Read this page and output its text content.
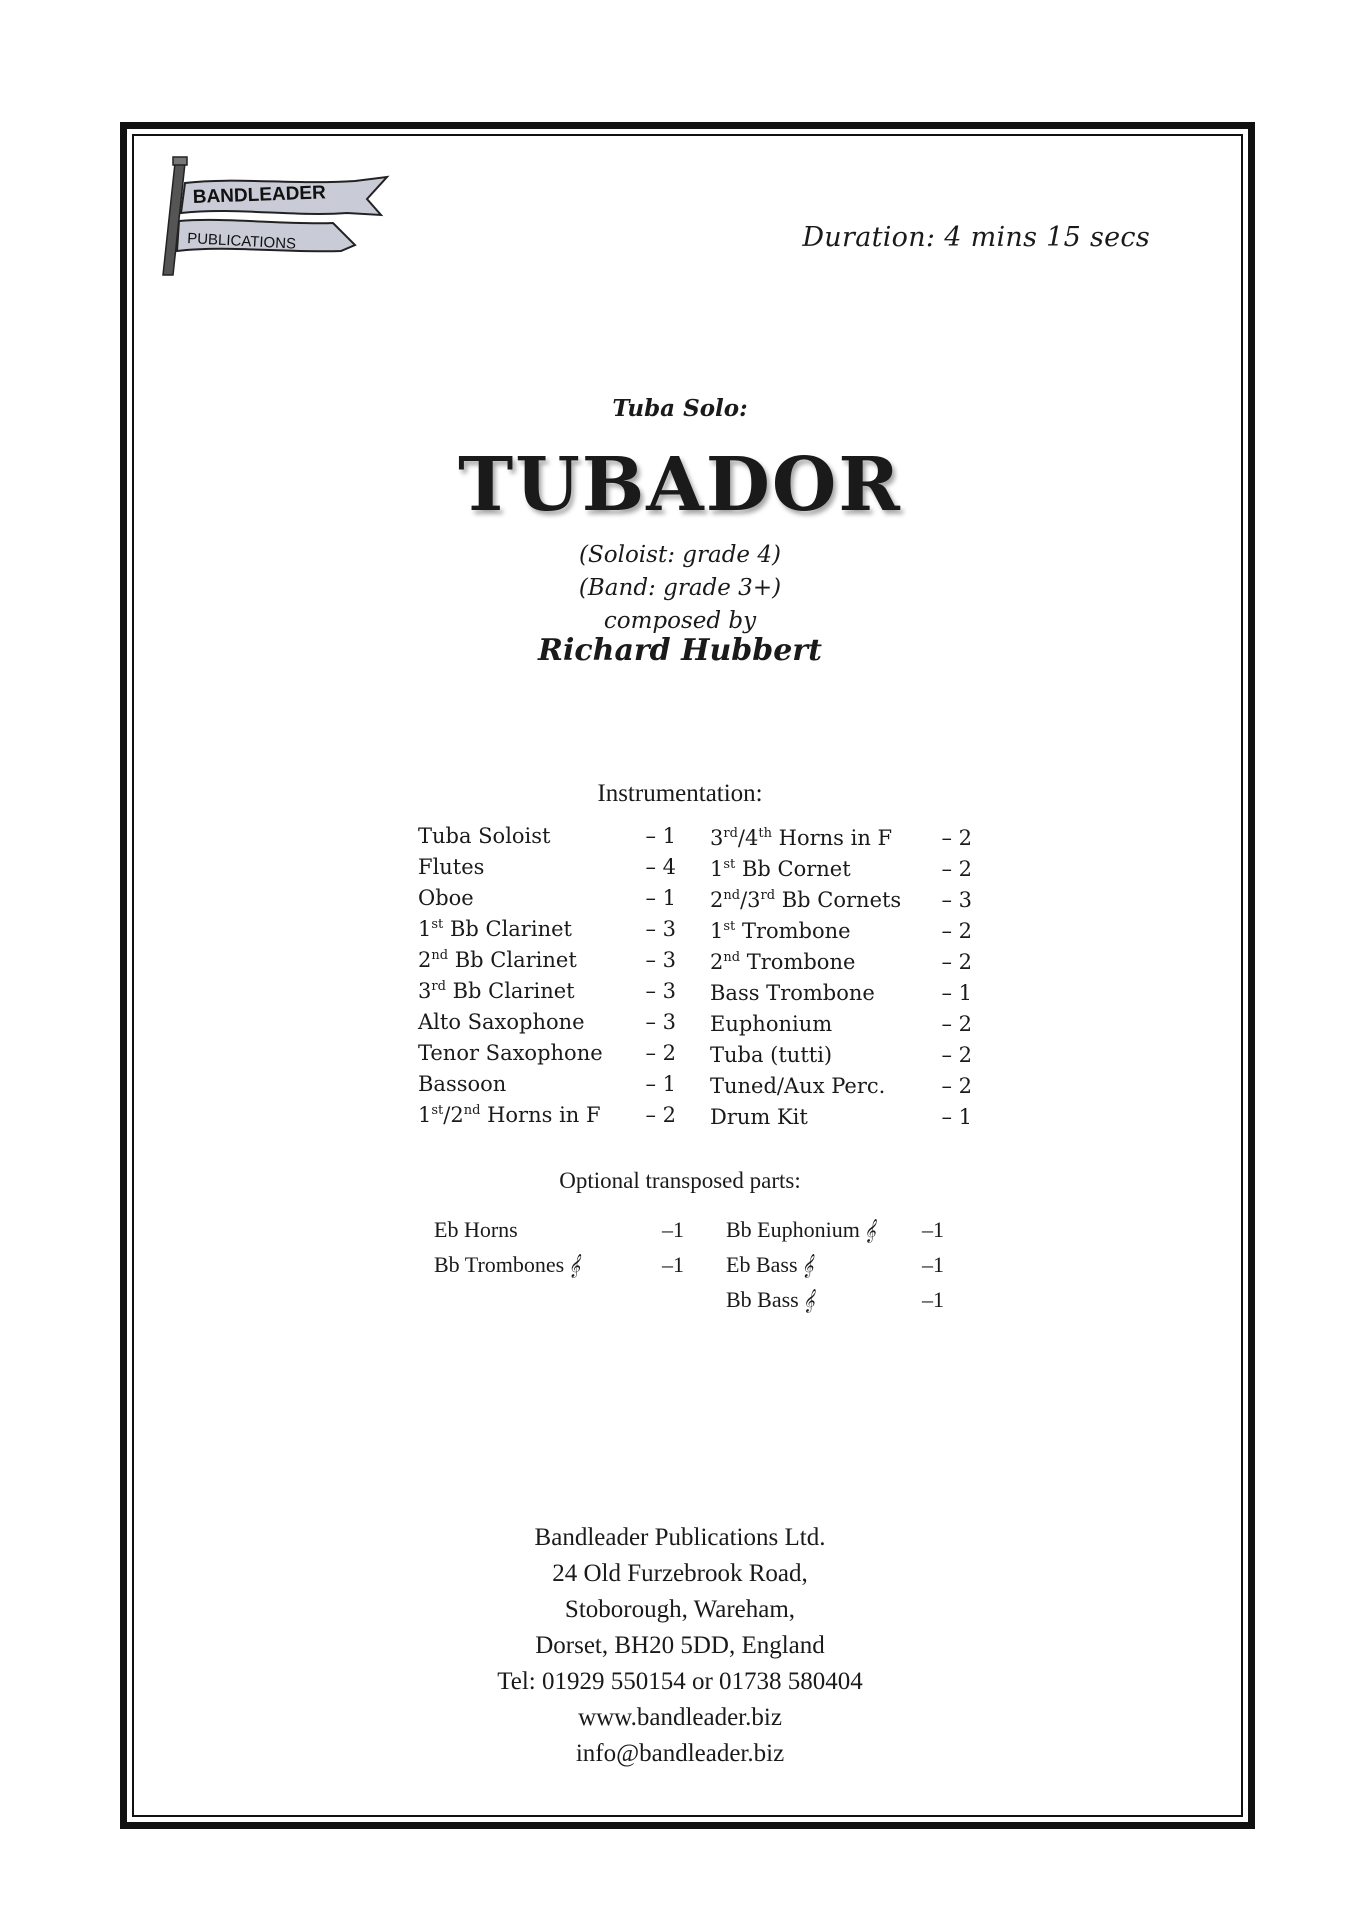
BANDLEADER
PUBLICATIONS	Duration: 4 mins 15 secs
Tuba Solo:
TUBADOR
(Soloist: grade 4)
(Band: grade 3+)
composed by
Richard Hubbert
Instrumentation:
Tuba Soloist	– 1
Flutes	– 4
Oboe	– 1
1st Bb Clarinet	– 3
2nd Bb Clarinet	– 3
3rd Bb Clarinet	– 3
Alto Saxophone	– 3
Tenor Saxophone	– 2
Bassoon	– 1
1st/2nd Horns in F	– 2
3rd/4th Horns in F	– 2
1st Bb Cornet	– 2
2nd/3rd Bb Cornets	– 3
1st Trombone	– 2
2nd Trombone	– 2
Bass Trombone	– 1
Euphonium	– 2
Tuba (tutti)	– 2
Tuned/Aux Perc.	– 2
Drum Kit	– 1
Optional transposed parts:
Eb Horns	–1
Bb Trombones 𝄞	–1
Bb Euphonium 𝄞	–1
Eb Bass 𝄞	–1
Bb Bass 𝄞	–1
Bandleader Publications Ltd.
24 Old Furzebrook Road,
Stoborough, Wareham,
Dorset, BH20 5DD, England
Tel: 01929 550154 or 01738 580404
www.bandleader.biz
info@bandleader.biz
